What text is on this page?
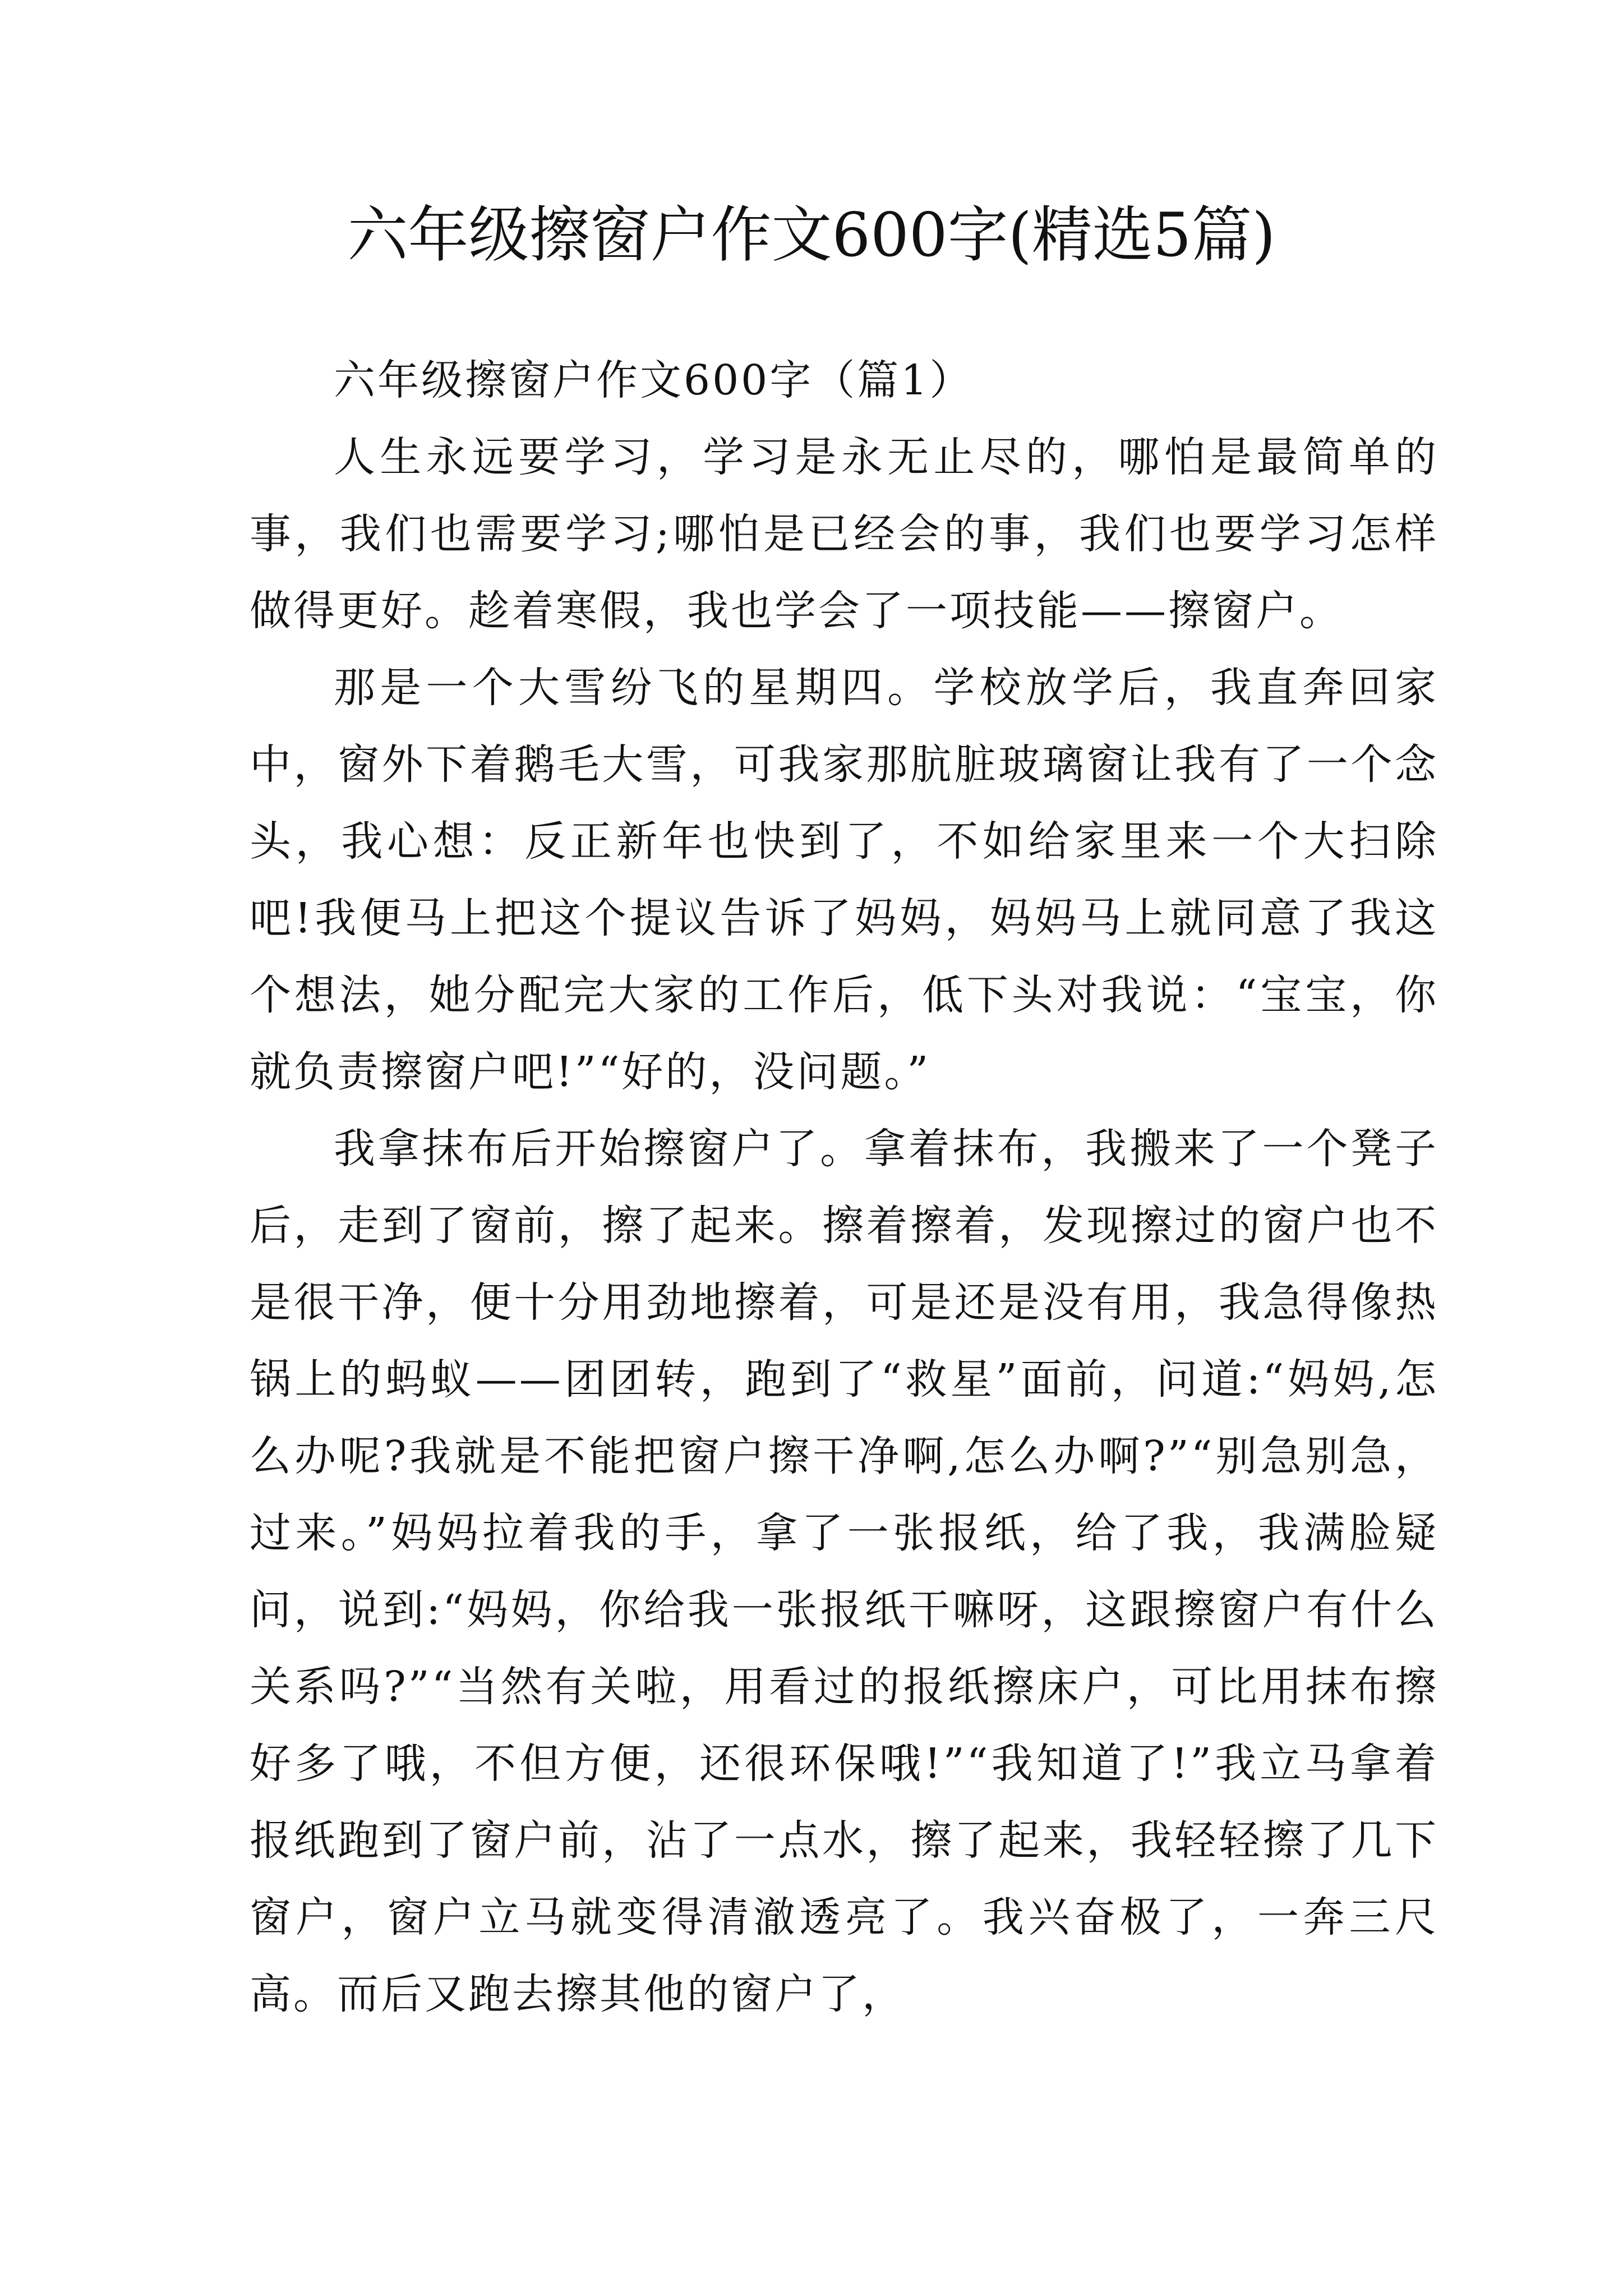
六年级擦窗户作文600字(精选5篇)

六年级擦窗户作文600字（篇1）

人生永远要学习，学习是永无止尽的，哪怕是最简单的事，我们也需要学习;哪怕是已经会的事，我们也要学习怎样做得更好。趁着寒假，我也学会了一项技能——擦窗户。

那是一个大雪纷飞的星期四。学校放学后，我直奔回家中，窗外下着鹅毛大雪，可我家那肮脏玻璃窗让我有了一个念头，我心想：反正新年也快到了，不如给家里来一个大扫除吧!我便马上把这个提议告诉了妈妈，妈妈马上就同意了我这个想法，她分配完大家的工作后，低下头对我说：“宝宝，你就负责擦窗户吧!”“好的，没问题。”

我拿抹布后开始擦窗户了。拿着抹布，我搬来了一个凳子后，走到了窗前，擦了起来。擦着擦着，发现擦过的窗户也不是很干净，便十分用劲地擦着，可是还是没有用，我急得像热锅上的蚂蚁——团团转，跑到了“救星”面前，问道:“妈妈,怎么办呢?我就是不能把窗户擦干净啊,怎么办啊?”“别急别急，过来。”妈妈拉着我的手，拿了一张报纸，给了我，我满脸疑问，说到:“妈妈，你给我一张报纸干嘛呀，这跟擦窗户有什么关系吗?”“当然有关啦，用看过的报纸擦床户，可比用抹布擦好多了哦，不但方便，还很环保哦!”“我知道了!”我立马拿着报纸跑到了窗户前，沾了一点水，擦了起来，我轻轻擦了几下窗户，窗户立马就变得清澈透亮了。我兴奋极了，一奔三尺高。而后又跑去擦其他的窗户了，
